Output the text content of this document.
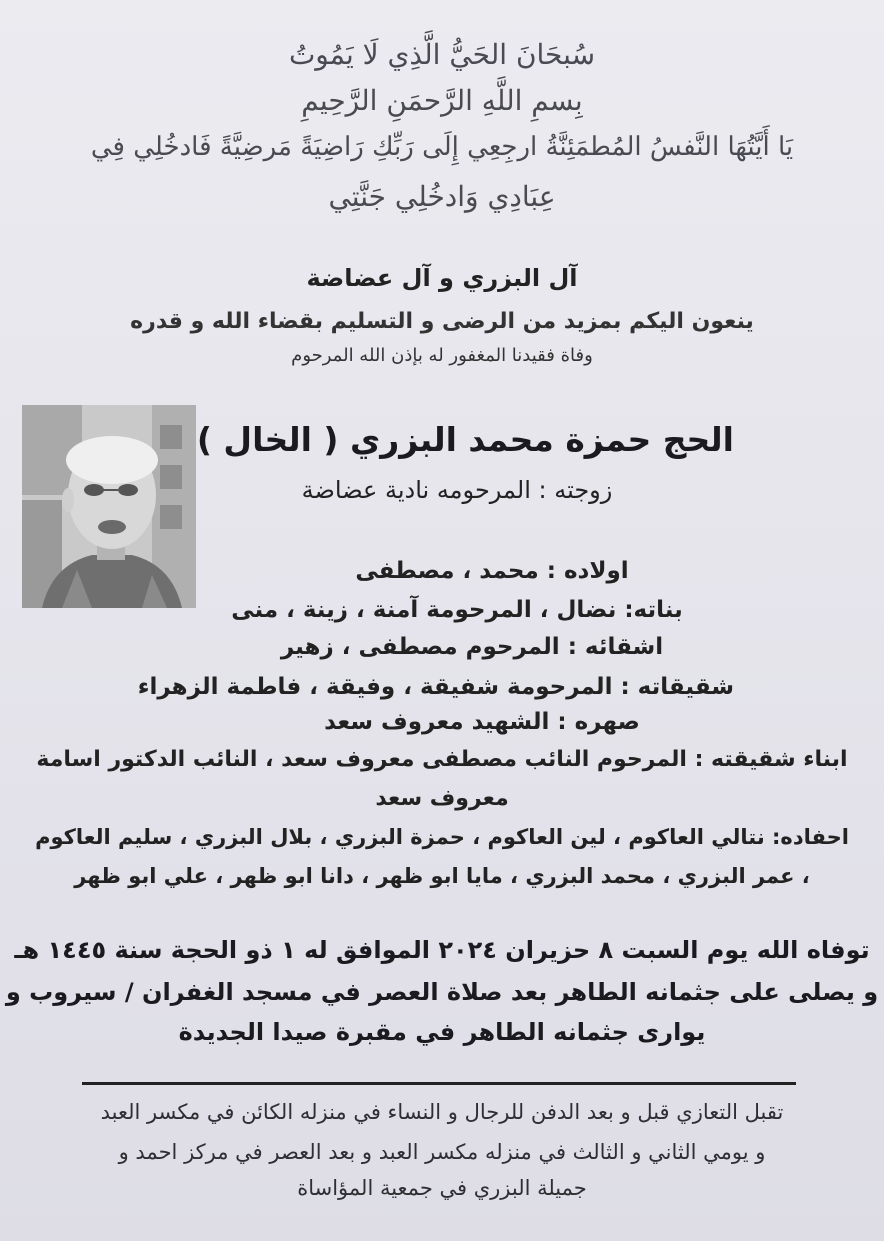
سُبحَانَ الحَيُّ الَّذِي لَا يَمُوتُ

بِسمِ اللَّهِ الرَّحمَنِ الرَّحِيمِ

يَا أَيَّتُهَا النَّفسُ المُطمَئِنَّةُ ارجِعِي إِلَى رَبِّكِ رَاضِيَةً مَرضِيَّةً فَادخُلِي فِي

عِبَادِي وَادخُلِي جَنَّتِي

آل البزري و آل عضاضة

ينعون اليكم بمزيد من الرضى و التسليم بقضاء الله و قدره

وفاة فقيدنا المغفور له بإذن الله المرحوم

الحج حمزة محمد البزري ( الخال )

زوجته : المرحومه نادية عضاضة

اولاده : محمد ، مصطفى

بناته: نضال ، المرحومة آمنة ، زينة ، منى

اشقائه : المرحوم مصطفى ، زهير

شقيقاته : المرحومة شفيقة ، وفيقة ، فاطمة الزهراء

صهره : الشهيد معروف سعد

ابناء شقيقته : المرحوم النائب مصطفى معروف سعد ، النائب الدكتور اسامة

معروف سعد

احفاده: نتالي العاكوم ، لين العاكوم ، حمزة البزري ، بلال البزري ، سليم العاكوم

، عمر البزري ، محمد البزري ، مايا ابو ظهر ، دانا ابو ظهر ، علي ابو ظهر

توفاه الله يوم السبت ٨ حزيران ٢٠٢٤ الموافق له ١ ذو الحجة سنة ١٤٤٥ هـ

و يصلى على جثمانه الطاهر بعد صلاة العصر في مسجد الغفران / سيروب و

يوارى جثمانه الطاهر في مقبرة صيدا الجديدة

تقبل التعازي قبل و بعد الدفن للرجال و النساء في منزله الكائن في مكسر العبد

و يومي الثاني و الثالث في منزله مكسر العبد و بعد العصر في مركز احمد و

جميلة البزري في جمعية المؤاساة
